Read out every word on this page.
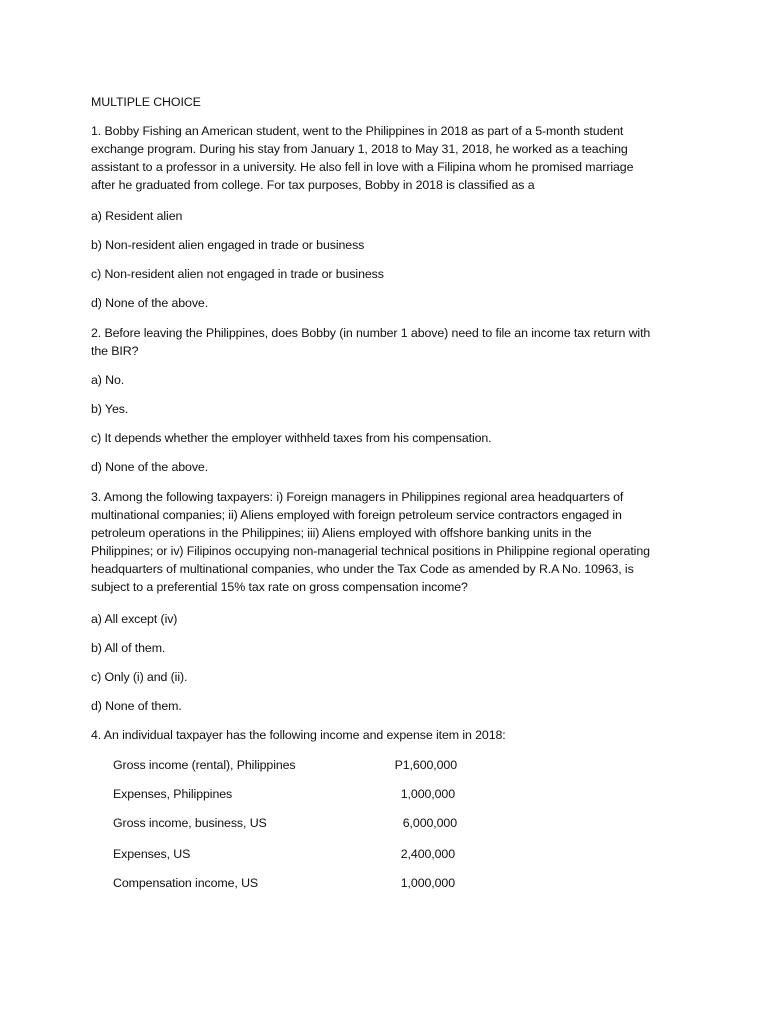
MULTIPLE CHOICE
1. Bobby Fishing an American student, went to the Philippines in 2018 as part of a 5-month student
exchange program. During his stay from January 1, 2018 to May 31, 2018, he worked as a teaching
assistant to a professor in a university. He also fell in love with a Filipina whom he promised marriage
after he graduated from college. For tax purposes, Bobby in 2018 is classified as a
a) Resident alien
b) Non-resident alien engaged in trade or business
c) Non-resident alien not engaged in trade or business
d) None of the above.
2. Before leaving the Philippines, does Bobby (in number 1 above) need to file an income tax return with
the BIR?
a) No.
b) Yes.
c) It depends whether the employer withheld taxes from his compensation.
d) None of the above.
3. Among the following taxpayers: i) Foreign managers in Philippines regional area headquarters of
multinational companies; ii) Aliens employed with foreign petroleum service contractors engaged in
petroleum operations in the Philippines; iii) Aliens employed with offshore banking units in the
Philippines; or iv) Filipinos occupying non-managerial technical positions in Philippine regional operating
headquarters of multinational companies, who under the Tax Code as amended by R.A No. 10963, is
subject to a preferential 15% tax rate on gross compensation income?
a) All except (iv)
b) All of them.
c) Only (i) and (ii).
d) None of them.
4. An individual taxpayer has the following income and expense item in 2018:
Gross income (rental), Philippines	P1,600,000
Expenses, Philippines	1,000,000
Gross income, business, US	6,000,000
Expenses, US	2,400,000
Compensation income, US	1,000,000
